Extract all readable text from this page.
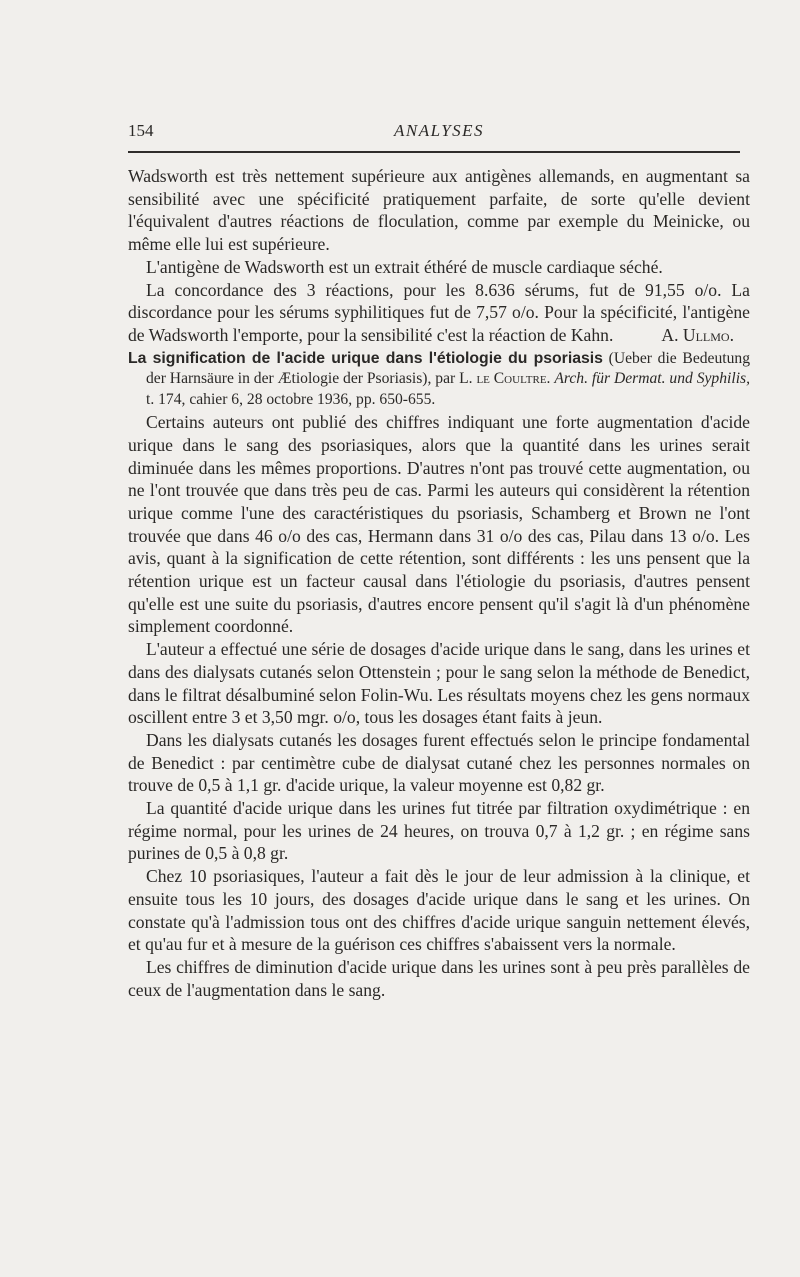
154	ANALYSES

Wadsworth est très nettement supérieure aux antigènes allemands, en augmentant sa sensibilité avec une spécificité pratiquement parfaite, de sorte qu'elle devient l'équivalent d'autres réactions de floculation, comme par exemple du Meinicke, ou même elle lui est supérieure.

L'antigène de Wadsworth est un extrait éthéré de muscle cardiaque séché.

La concordance des 3 réactions, pour les 8.636 sérums, fut de 91,55 o/o. La discordance pour les sérums syphilitiques fut de 7,57 o/o. Pour la spécificité, l'antigène de Wadsworth l'emporte, pour la sensibilité c'est la réaction de Kahn.	A. Ullmo.

La signification de l'acide urique dans l'étiologie du psoriasis (Ueber die Bedeutung der Harnsäure in der Ætiologie der Psoriasis), par L. le Coultre. Arch. für Dermat. und Syphilis, t. 174, cahier 6, 28 octobre 1936, pp. 650-655.

Certains auteurs ont publié des chiffres indiquant une forte augmentation d'acide urique dans le sang des psoriasiques, alors que la quantité dans les urines serait diminuée dans les mêmes proportions. D'autres n'ont pas trouvé cette augmentation, ou ne l'ont trouvée que dans très peu de cas. Parmi les auteurs qui considèrent la rétention urique comme l'une des caractéristiques du psoriasis, Schamberg et Brown ne l'ont trouvée que dans 46 o/o des cas, Hermann dans 31 o/o des cas, Pilau dans 13 o/o. Les avis, quant à la signification de cette rétention, sont différents : les uns pensent que la rétention urique est un facteur causal dans l'étiologie du psoriasis, d'autres pensent qu'elle est une suite du psoriasis, d'autres encore pensent qu'il s'agit là d'un phénomène simplement coordonné.

L'auteur a effectué une série de dosages d'acide urique dans le sang, dans les urines et dans des dialysats cutanés selon Ottenstein ; pour le sang selon la méthode de Benedict, dans le filtrat désalbuminé selon Folin-Wu. Les résultats moyens chez les gens normaux oscillent entre 3 et 3,50 mgr. o/o, tous les dosages étant faits à jeun.

Dans les dialysats cutanés les dosages furent effectués selon le principe fondamental de Benedict : par centimètre cube de dialysat cutané chez les personnes normales on trouve de 0,5 à 1,1 gr. d'acide urique, la valeur moyenne est 0,82 gr.

La quantité d'acide urique dans les urines fut titrée par filtration oxydimétrique : en régime normal, pour les urines de 24 heures, on trouva 0,7 à 1,2 gr. ; en régime sans purines de 0,5 à 0,8 gr.

Chez 10 psoriasiques, l'auteur a fait dès le jour de leur admission à la clinique, et ensuite tous les 10 jours, des dosages d'acide urique dans le sang et les urines. On constate qu'à l'admission tous ont des chiffres d'acide urique sanguin nettement élevés, et qu'au fur et à mesure de la guérison ces chiffres s'abaissent vers la normale.

Les chiffres de diminution d'acide urique dans les urines sont à peu près parallèles de ceux de l'augmentation dans le sang.
